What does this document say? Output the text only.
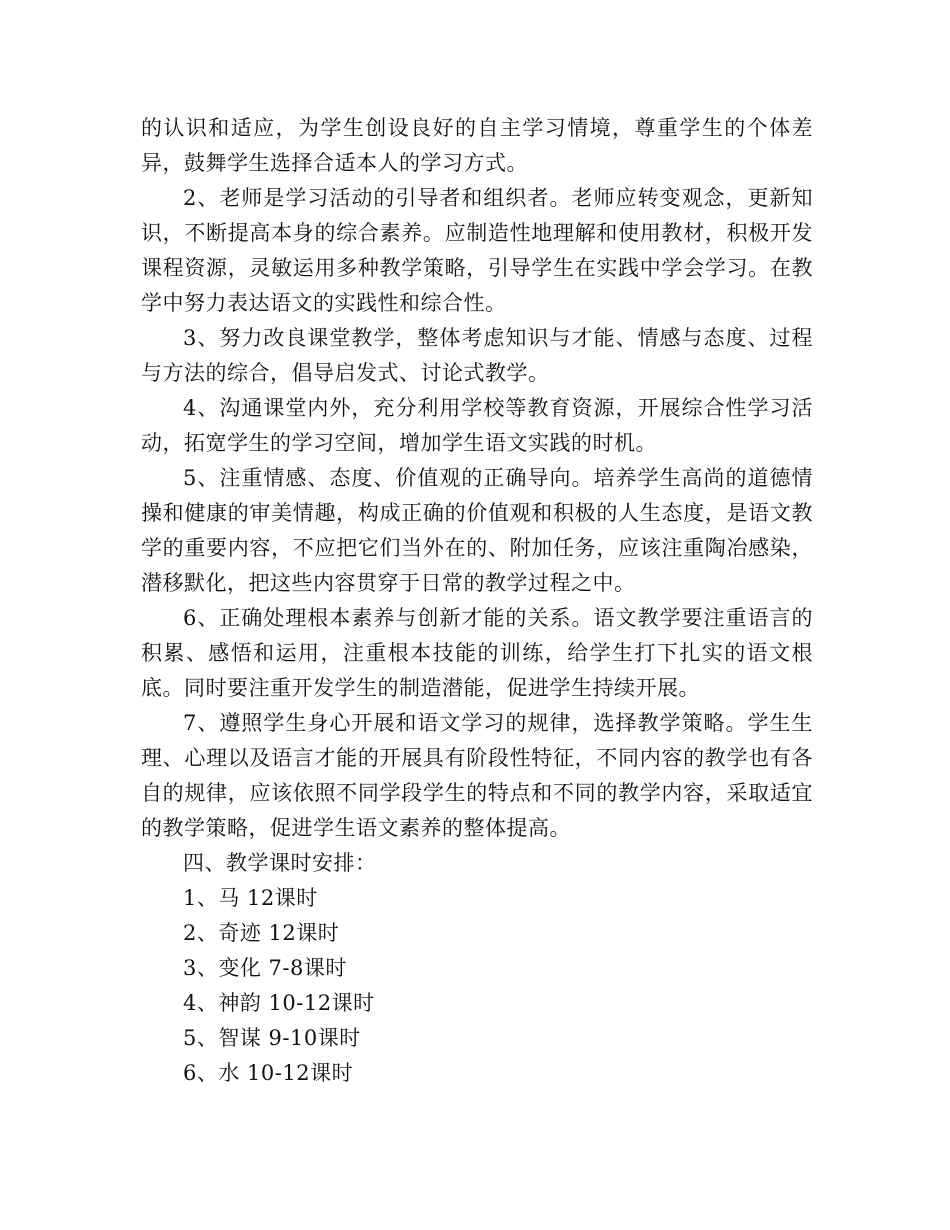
的认识和适应，为学生创设良好的自主学习情境，尊重学生的个体差异，鼓舞学生选择合适本人的学习方式。

2、老师是学习活动的引导者和组织者。老师应转变观念，更新知识，不断提高本身的综合素养。应制造性地理解和使用教材，积极开发课程资源，灵敏运用多种教学策略，引导学生在实践中学会学习。在教学中努力表达语文的实践性和综合性。

3、努力改良课堂教学，整体考虑知识与才能、情感与态度、过程与方法的综合，倡导启发式、讨论式教学。

4、沟通课堂内外，充分利用学校等教育资源，开展综合性学习活动，拓宽学生的学习空间，增加学生语文实践的时机。

5、注重情感、态度、价值观的正确导向。培养学生高尚的道德情操和健康的审美情趣，构成正确的价值观和积极的人生态度，是语文教学的重要内容，不应把它们当外在的、附加任务，应该注重陶冶感染，潜移默化，把这些内容贯穿于日常的教学过程之中。

6、正确处理根本素养与创新才能的关系。语文教学要注重语言的积累、感悟和运用，注重根本技能的训练，给学生打下扎实的语文根底。同时要注重开发学生的制造潜能，促进学生持续开展。

7、遵照学生身心开展和语文学习的规律，选择教学策略。学生生理、心理以及语言才能的开展具有阶段性特征，不同内容的教学也有各自的规律，应该依照不同学段学生的特点和不同的教学内容，采取适宜的教学策略，促进学生语文素养的整体提高。

四、教学课时安排：

1、马 12课时

2、奇迹 12课时

3、变化 7-8课时

4、神韵 10-12课时

5、智谋 9-10课时

6、水 10-12课时
